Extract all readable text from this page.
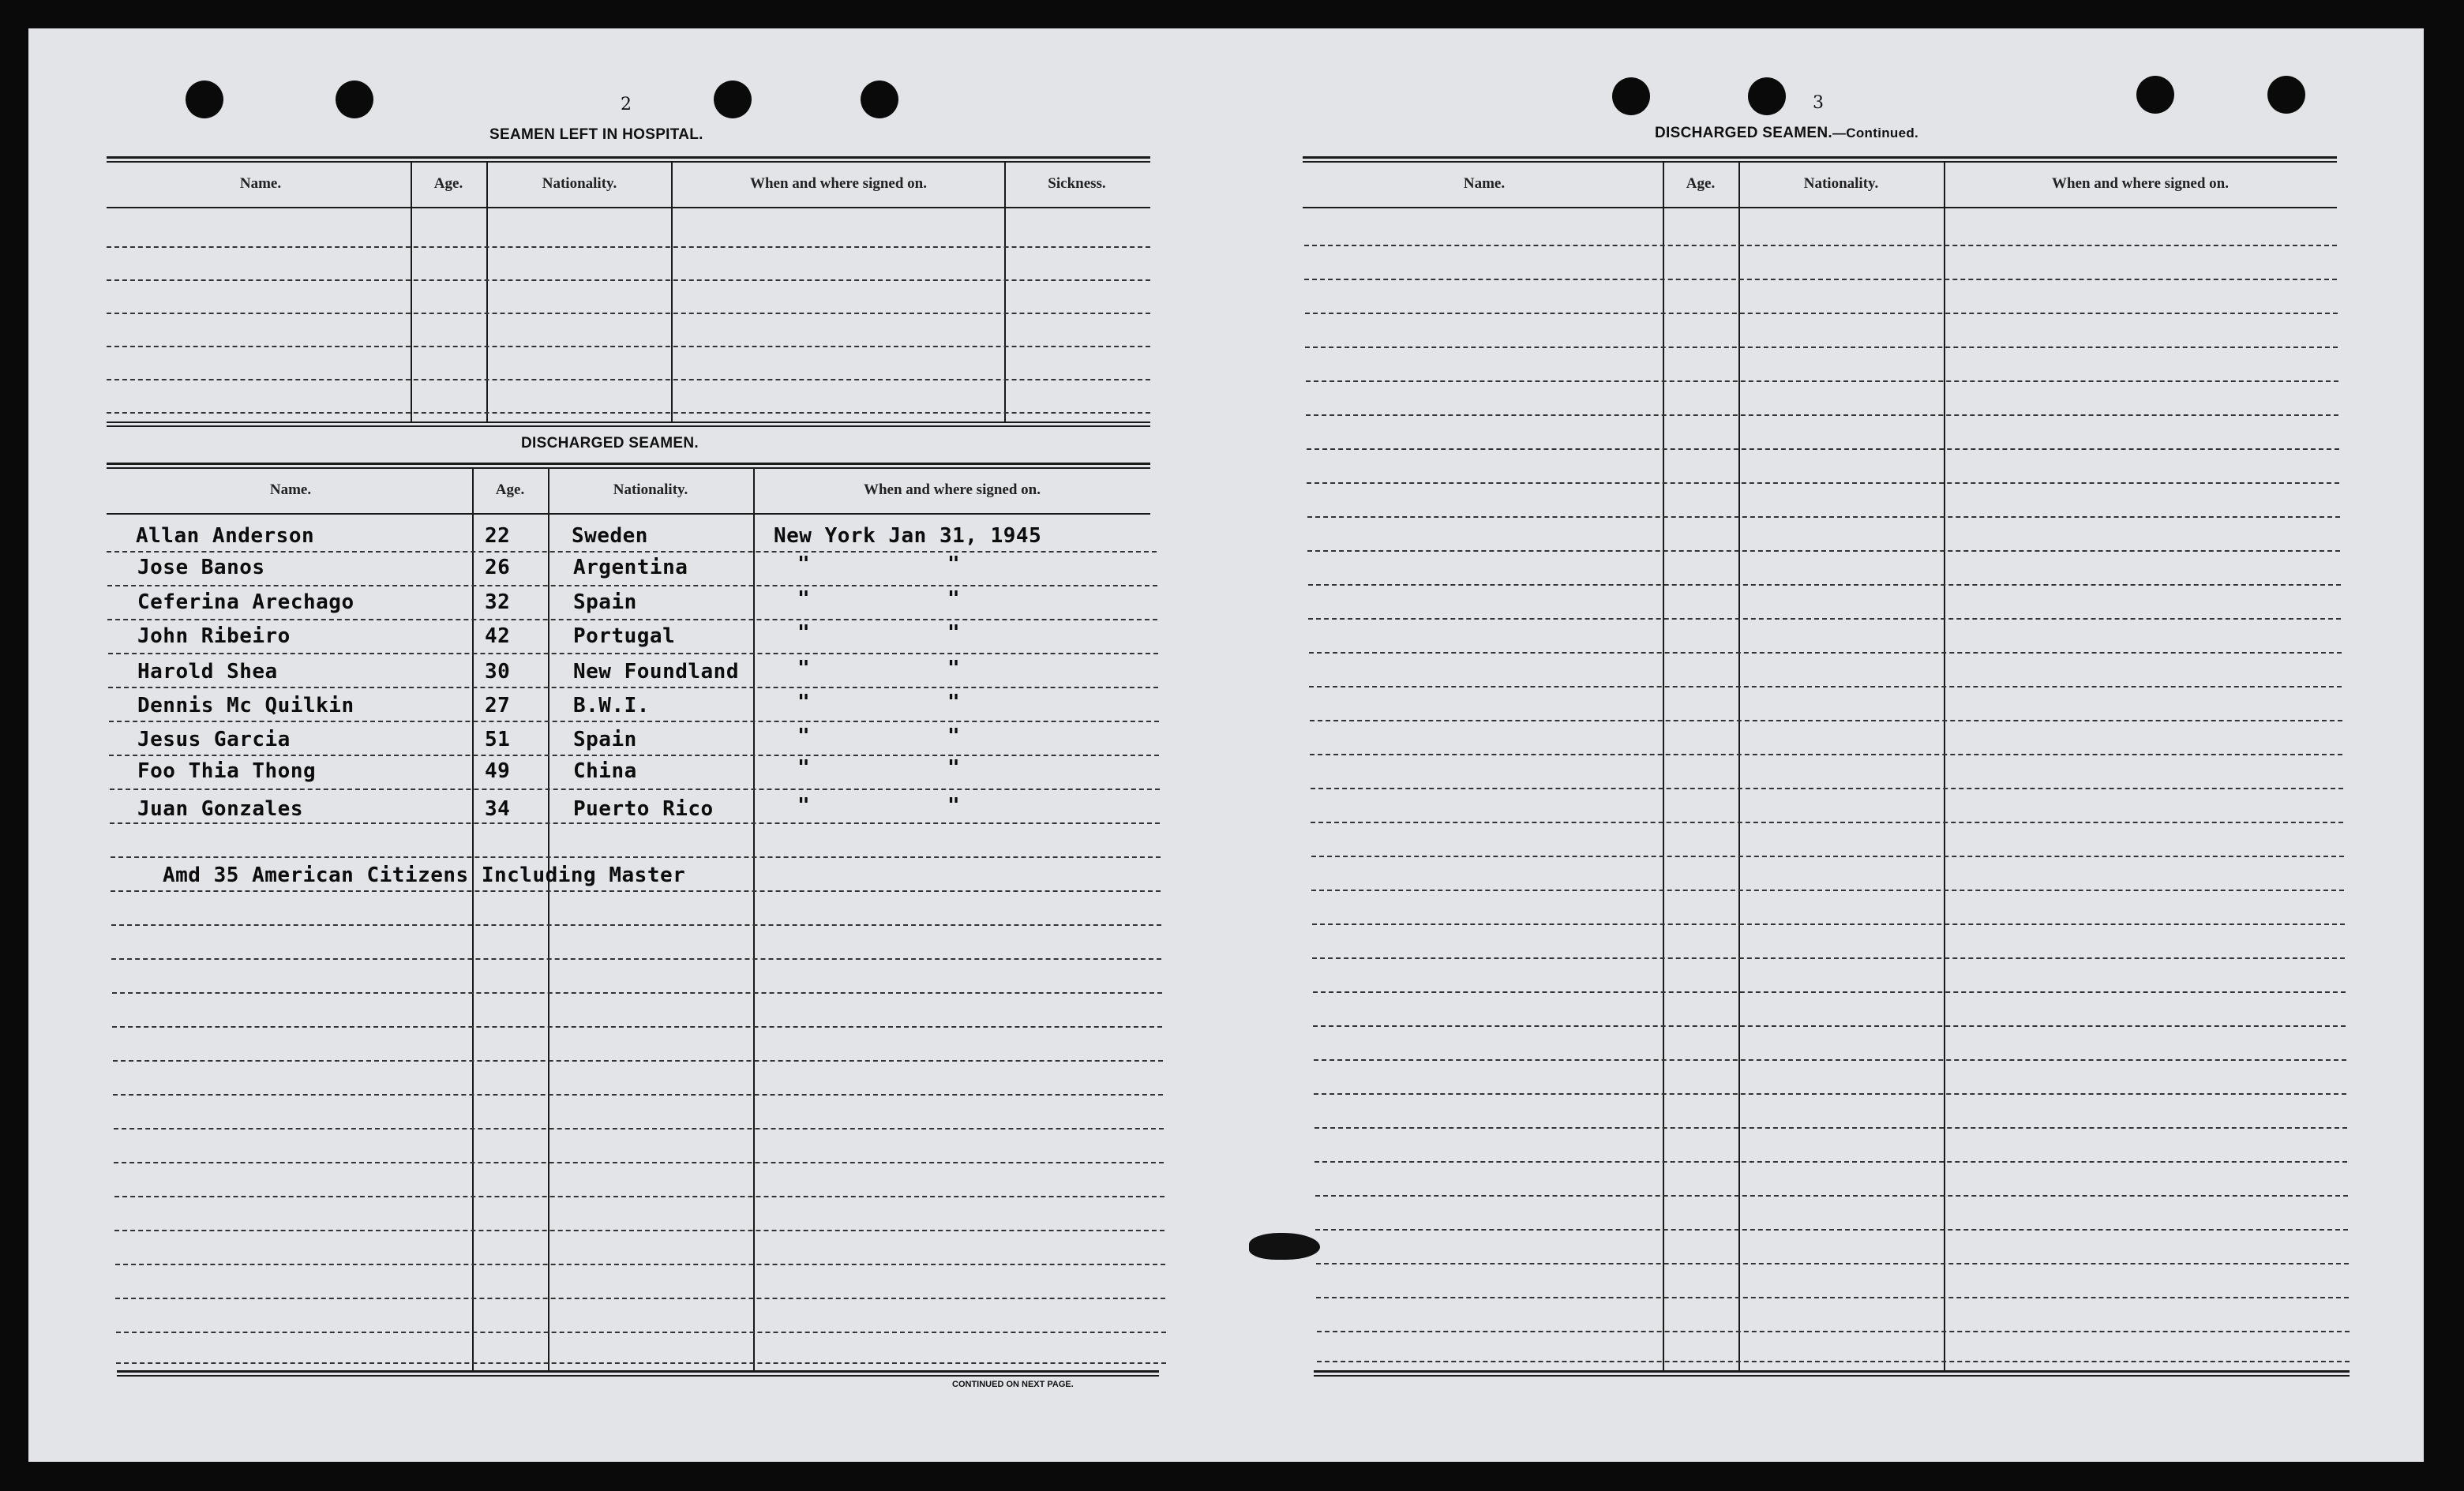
2
SEAMEN LEFT IN HOSPITAL.
Name.	Age.	Nationality.	When and where signed on.	Sickness.
DISCHARGED SEAMEN.
Name.	Age.	Nationality.	When and where signed on.
Allan Anderson	22	Sweden	New York Jan 31, 1945
Jose Banos	26	Argentina	"	"
Ceferina Arechago	32	Spain	"	"
John Ribeiro	42	Portugal	"	"
Harold Shea	30	New Foundland	"	"
Dennis Mc Quilkin	27	B.W.I.	"	"
Jesus Garcia	51	Spain	"	"
Foo Thia Thong	49	China	"	"
Juan Gonzales	34	Puerto Rico	"	"
Amd 35 American Citizens Including Master
CONTINUED ON NEXT PAGE.
3
DISCHARGED SEAMEN.—Continued.
Name.	Age.	Nationality.	When and where signed on.
